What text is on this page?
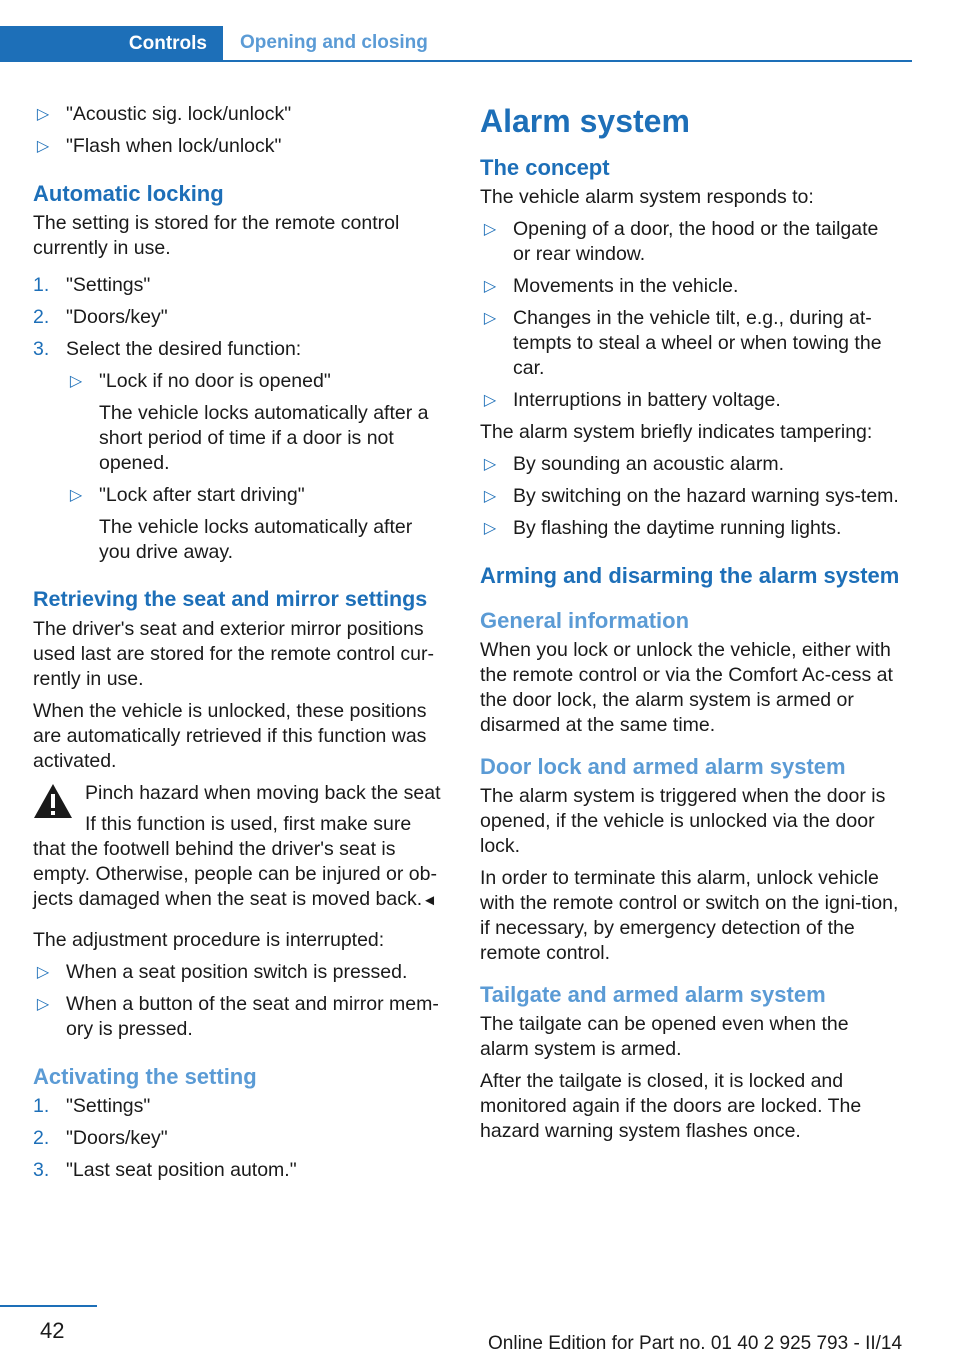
Controls	Opening and closing
▷ "Acoustic sig. lock/unlock"
▷ "Flash when lock/unlock"
Automatic locking

The setting is stored for the remote control currently in use.

1. "Settings"
2. "Doors/key"
3. Select the desired function:
▷ "Lock if no door is opened"

The vehicle locks automatically after a short period of time if a door is not opened.

▷ "Lock after start driving"

The vehicle locks automatically after you drive away.

Retrieving the seat and mirror settings

The driver's seat and exterior mirror positions used last are stored for the remote control cur‐rently in use.

When the vehicle is unlocked, these positions are automatically retrieved if this function was activated.

Pinch hazard when moving back the seat

If this function is used, first make sure that the footwell behind the driver's seat is empty. Otherwise, people can be injured or ob‐jects damaged when the seat is moved back.◄

The adjustment procedure is interrupted:

▷ When a seat position switch is pressed.
▷ When a button of the seat and mirror mem‐ory is pressed.
Activating the setting
1. "Settings"
2. "Doors/key"
3. "Last seat position autom."
Alarm system
The concept

The vehicle alarm system responds to:

▷ Opening of a door, the hood or the tailgate or rear window.
▷ Movements in the vehicle.
▷ Changes in the vehicle tilt, e.g., during at‐tempts to steal a wheel or when towing the car.
▷ Interruptions in battery voltage.

The alarm system briefly indicates tampering:

▷ By sounding an acoustic alarm.
▷ By switching on the hazard warning sys‐tem.
▷ By flashing the daytime running lights.
Arming and disarming the alarm system
General information

When you lock or unlock the vehicle, either with the remote control or via the Comfort Ac‐cess at the door lock, the alarm system is armed or disarmed at the same time.

Door lock and armed alarm system

The alarm system is triggered when the door is opened, if the vehicle is unlocked via the door lock.

In order to terminate this alarm, unlock vehicle with the remote control or switch on the igni‐tion, if necessary, by emergency detection of the remote control.

Tailgate and armed alarm system

The tailgate can be opened even when the alarm system is armed.

After the tailgate is closed, it is locked and monitored again if the doors are locked. The hazard warning system flashes once.

42
Online Edition for Part no. 01 40 2 925 793 - II/14
